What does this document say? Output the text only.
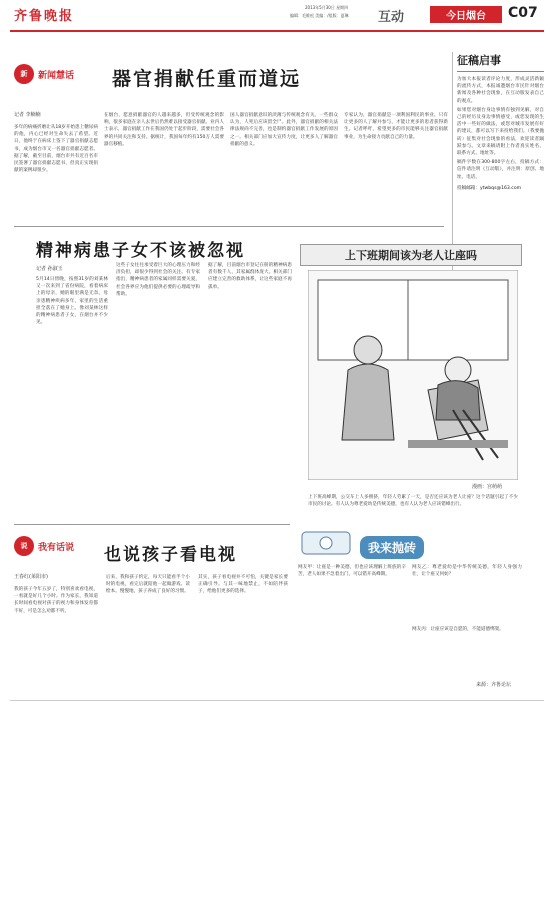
齐鲁晚报
2013年5月30日 星期四
编辑：毛维松 美编：/组版：夏琳 互动	今日烟台	C07
征稿启事
为加大本报读者评论力度，形成灵活新颖的流传方式，本报诚邀烟台市民针对烟台新闻及各种社会现象，在互动版发表自己的观点。
如果您对烟台身边事情有独到见解，对自己的经历及身边事情感受，或您发现的生活中一些好的做法，或您对城市发展有好的建议，都可以写下来投给我们。（我要抛砖）征集对社会现象的看法，欢迎读者踊跃参与。文章来稿请附上作者真实姓名、联系方式、地址等。
稿件字数在300-800字左右，投稿方式：信件请注明《互动版》，并注明：原创、地址、电话。
投稿邮箱：ytwbqs@163.com
新	新闻慧话 器官捐献任重而道远
记者 李楠楠
多年的病痛折磨让从18岁开始患上糖尿病的他，内心已经对生命失去了希望。近日，他终于在病床上签下了器官捐献志愿书，成为烟台市又一名器官捐献志愿者。据了解，截至目前，烟台市共有近百名市民签署了器官捐献志愿书，但真正实现捐献的案例却很少。
在烟台，愿意捐献器官的人越来越多，但受传统观念的影响，很多家庭在亲人去世后仍然难以接受器官捐献。业内人士表示，器官捐献工作在我国仍处于起步阶段，需要社会各界的共同关注和支持。据统计，我国每年约有150万人需要器官移植。
国人器官捐献意识的淡薄与传统观念有关。一些群众认为，人死后应该留全尸。此外，器官捐献的相关法律法规尚不完善，也是制约器官捐献工作发展的原因之一。相关部门应加大宣传力度，让更多人了解器官捐献的意义。
专家认为，器官捐献是一项利国利民的事业。只有让更多的人了解并参与，才能让更多的患者获得新生。记者呼吁，希望更多的市民能够关注器官捐献事业，为生命接力贡献自己的力量。
精神病患子女不该被忽视
记者 孙淑玉
5月14日傍晚，按照31岁的刘某林又一次来到了省份病院，看着病床上的母亲，她的眼里满是无奈。母亲患精神疾病多年，家里的生活重担全落在了她身上。像刘某林这样的精神病患者子女，在烟台并不少见。
这些子女往往承受着巨大的心理压力和经济负担，却很少得到社会的关注。有专家指出，精神病患者的家属同样需要关爱，社会各界应为他们提供必要的心理疏导和帮助。
据了解，目前烟台市登记在册的精神病患者有数千人，其家属群体庞大。相关部门应建立完善的救助体系，让这些家庭不再孤单。
上下班期间该为老人让座吗
漫画：宫萌萌
上下班高峰期，公交车上人多拥挤，年轻人劳累了一天，是否还应该为老人让座？这个话题引起了不少市民的讨论。有人认为尊老爱幼是传统美德，也有人认为老人应该错峰出行。
我来抛砖
网友甲：让座是一种美德，但也应该理解上班族的辛苦，老人如果不急着出门，可以错开高峰期。
网友乙：尊老爱幼是中华传统美德，年轻人身强力壮，让个座又何妨？
网友丙：让座应该是自愿的，不能道德绑架。
来源：齐鲁论坛
说	我有话说 也说孩子看电视
王春红(莱阳市)
我的孩子今年五岁了，特别喜欢看电视，一看就是好几个小时。作为家长，我知道长时间看电视对孩子的视力和身体发育都不好，可是怎么劝都不听。
后来，我和孩子约定，每天只能看半个小时的电视，看完后就陪他一起做游戏、读绘本。慢慢地，孩子养成了良好的习惯。
其实，孩子看电视并不可怕，关键是家长要正确引导。与其一味地禁止，不如陪伴孩子，给他们更多的选择。
